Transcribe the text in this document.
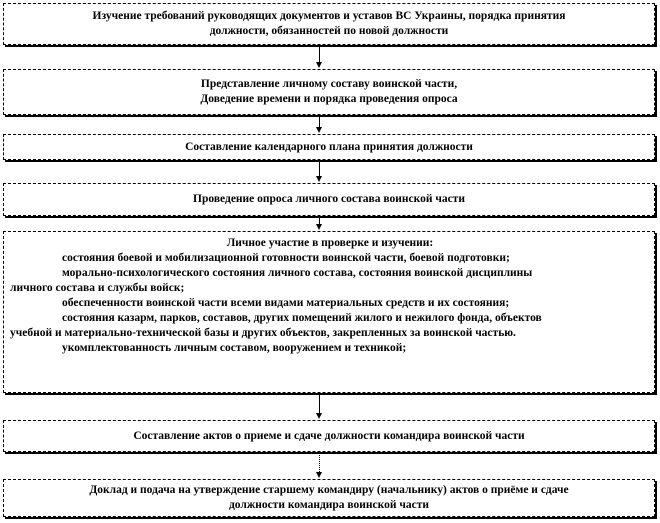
Изучение требований руководящих документов и уставов ВС Украины, порядка принятия
должности, обязанностей по новой должности
Представление личному составу воинской части,
Доведение времени и порядка проведения опроса
Составление календарного плана принятия должности
Проведение опроса личного состава воинской части
Личное участие в проверке и изучении:
состояния боевой и мобилизационной готовности воинской части, боевой подготовки;
морально-психологического состояния личного состава, состояния воинской дисциплины
личного состава и службы войск;
обеспеченности воинской части всеми видами материальных средств и их состояния;
состояния казарм, парков, составов, других помещений жилого и нежилого фонда, объектов
учебной и материально-технической базы и других объектов, закрепленных за воинской частью.
укомплектованность личным составом, вооружением и техникой;
Составление актов о приеме и сдаче должности командира воинской части
Доклад и подача на утверждение старшему командиру (начальнику) актов о приёме и сдаче
должности командира воинской части
